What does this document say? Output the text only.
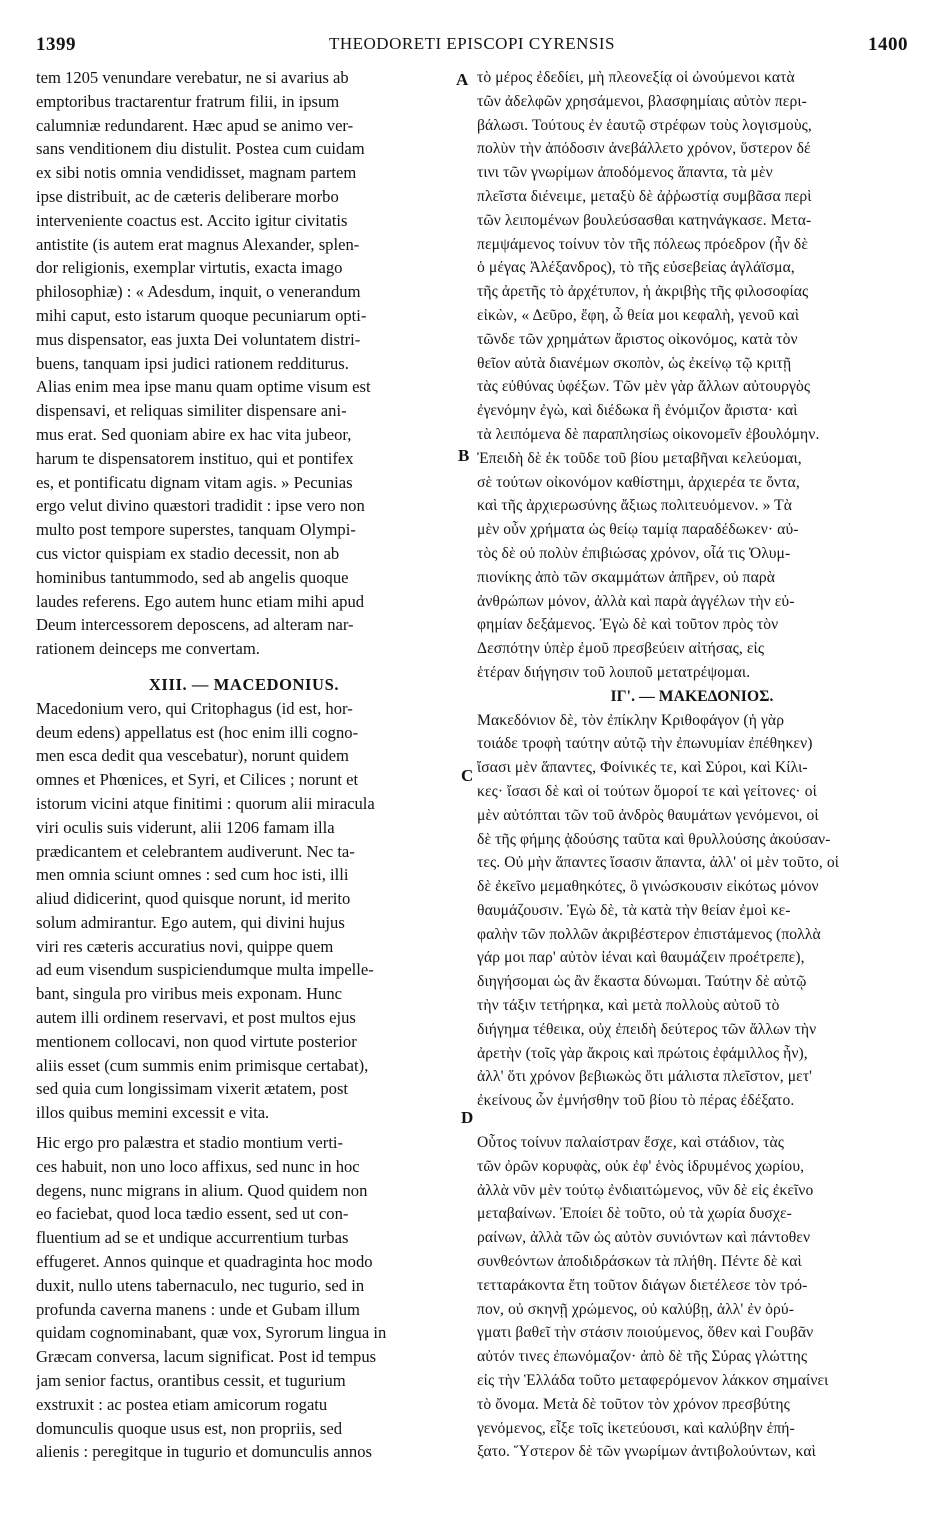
1399	THEODORETI EPISCOPI CYRENSIS	1400
A
B
C
D
tem 1205 venundare verebatur, ne si avarius ab
emptoribus tractarentur fratrum filii, in ipsum
calumniæ redundarent. Hæc apud se animo ver-
sans venditionem diu distulit. Postea cum cuidam
ex sibi notis omnia vendidisset, magnam partem
ipse distribuit, ac de cæteris deliberare morbo
interveniente coactus est. Accito igitur civitatis
antistite (is autem erat magnus Alexander, splen-
dor religionis, exemplar virtutis, exacta imago
philosophiæ) : « Adesdum, inquit, o venerandum
mihi caput, esto istarum quoque pecuniarum opti-
mus dispensator, eas juxta Dei voluntatem distri-
buens, tanquam ipsi judici rationem redditurus.
Alias enim mea ipse manu quam optime visum est
dispensavi, et reliquas similiter dispensare ani-
mus erat. Sed quoniam abire ex hac vita jubeor,
harum te dispensatorem instituo, qui et pontifex
es, et pontificatu dignam vitam agis. » Pecunias
ergo velut divino quæstori tradidit : ipse vero non
multo post tempore superstes, tanquam Olympi-
cus victor quispiam ex stadio decessit, non ab
hominibus tantummodo, sed ab angelis quoque
laudes referens. Ego autem hunc etiam mihi apud
Deum intercessorem deposcens, ad alteram nar-
rationem deinceps me convertam.
XIII. — MACEDONIUS.
Macedonium vero, qui Critophagus (id est, hor-
deum edens) appellatus est (hoc enim illi cogno-
men esca dedit qua vescebatur), norunt quidem
omnes et Phœnices, et Syri, et Cilices ; norunt et
istorum vicini atque finitimi : quorum alii miracula
viri oculis suis viderunt, alii 1206 famam illa
prædicantem et celebrantem audiverunt. Nec ta-
men omnia sciunt omnes : sed cum hoc isti, illi
aliud didicerint, quod quisque norunt, id merito
solum admirantur. Ego autem, qui divini hujus
viri res cæteris accuratius novi, quippe quem
ad eum visendum suspiciendumque multa impelle-
bant, singula pro viribus meis exponam. Hunc
autem illi ordinem reservavi, et post multos ejus
mentionem collocavi, non quod virtute posterior
aliis esset (cum summis enim primisque certabat),
sed quia cum longissimam vixerit ætatem, post
illos quibus memini excessit e vita.
Hic ergo pro palæstra et stadio montium verti-
ces habuit, non uno loco affixus, sed nunc in hoc
degens, nunc migrans in alium. Quod quidem non
eo faciebat, quod loca tædio essent, sed ut con-
fluentium ad se et undique accurrentium turbas
effugeret. Annos quinque et quadraginta hoc modo
duxit, nullo utens tabernaculo, nec tugurio, sed in
profunda caverna manens : unde et Gubam illum
quidam cognominabant, quæ vox, Syrorum lingua in
Græcam conversa, lacum significat. Post id tempus
jam senior factus, orantibus cessit, et tugurium
exstruxit : ac postea etiam amicorum rogatu
domunculis quoque usus est, non propriis, sed
alienis : peregitque in tugurio et domunculis annos
τὸ μέρος ἐδεδίει, μὴ πλεονεξίᾳ οἱ ὠνούμενοι κατὰ
τῶν ἀδελφῶν χρησάμενοι, βλασφημίαις αὐτὸν περι-
βάλωσι. Τούτους ἐν ἑαυτῷ στρέφων τοὺς λογισμοὺς,
πολὺν τὴν ἀπόδοσιν ἀνεβάλλετο χρόνον, ὕστερον δέ
τινι τῶν γνωρίμων ἀποδόμενος ἅπαντα, τὰ μὲν
πλεῖστα διένειμε, μεταξὺ δὲ ἀῤῥωστίᾳ συμβᾶσα περὶ
τῶν λειπομένων βουλεύσασθαι κατηνάγκασε. Μετα-
πεμψάμενος τοίνυν τὸν τῆς πόλεως πρόεδρον (ἦν δὲ
ὁ μέγας Ἀλέξανδρος), τὸ τῆς εὐσεβείας ἀγλάϊσμα,
τῆς ἀρετῆς τὸ ἀρχέτυπον, ἡ ἀκριβὴς τῆς φιλοσοφίας
εἰκὼν, « Δεῦρο, ἔφη, ὦ θεία μοι κεφαλὴ, γενοῦ καὶ
τῶνδε τῶν χρημάτων ἄριστος οἰκονόμος, κατὰ τὸν
θεῖον αὐτὰ διανέμων σκοπὸν, ὡς ἐκείνῳ τῷ κριτῇ
τὰς εὐθύνας ὑφέξων. Τῶν μὲν γὰρ ἄλλων αὐτουργὸς
ἐγενόμην ἐγὼ, καὶ διέδωκα ἣ ἐνόμιζον ἄριστα· καὶ
τὰ λειπόμενα δὲ παραπλησίως οἰκονομεῖν ἐβουλόμην.
Ἐπειδὴ δὲ ἐκ τοῦδε τοῦ βίου μεταβῆναι κελεύομαι,
σὲ τούτων οἰκονόμον καθίστημι, ἀρχιερέα τε ὄντα,
καὶ τῆς ἀρχιερωσύνης ἄξιως πολιτευόμενον. » Τὰ
μὲν οὖν χρήματα ὡς θείῳ ταμίᾳ παραδέδωκεν· αὐ-
τὸς δὲ οὐ πολὺν ἐπιβιώσας χρόνον, οἷά τις Ὀλυμ-
πιονίκης ἀπὸ τῶν σκαμμάτων ἀπῆρεν, οὐ παρὰ
ἀνθρώπων μόνον, ἀλλὰ καὶ παρὰ ἀγγέλων τὴν εὐ-
φημίαν δεξάμενος. Ἐγὼ δὲ καὶ τοῦτον πρὸς τὸν
Δεσπότην ὑπὲρ ἐμοῦ πρεσβεύειν αἰτήσας, εἰς
ἑτέραν διήγησιν τοῦ λοιποῦ μετατρέψομαι.
ΙΓ'. — ΜΑΚΕΔΟΝΙΟΣ.
Μακεδόνιον δὲ, τὸν ἐπίκλην Κριθοφάγον (ἡ γὰρ
τοιάδε τροφὴ ταύτην αὐτῷ τὴν ἐπωνυμίαν ἐπέθηκεν)
ἴσασι μὲν ἅπαντες, Φοίνικές τε, καὶ Σύροι, καὶ Κίλι-
κες· ἴσασι δὲ καὶ οἱ τούτων ὅμοροί τε καὶ γείτονες· οἱ
μὲν αὐτόπται τῶν τοῦ ἀνδρὸς θαυμάτων γενόμενοι, οἱ
δὲ τῆς φήμης ᾀδούσης ταῦτα καὶ θρυλλούσης ἀκούσαν-
τες. Οὐ μὴν ἅπαντες ἴσασιν ἅπαντα, ἀλλ' οἱ μὲν τοῦτο, οἱ
δὲ ἐκεῖνο μεμαθηκότες, ὃ γινώσκουσιν εἰκότως μόνον
θαυμάζουσιν. Ἐγὼ δὲ, τὰ κατὰ τὴν θείαν ἐμοὶ κε-
φαλὴν τῶν πολλῶν ἀκριβέστερον ἐπιστάμενος (πολλὰ
γάρ μοι παρ' αὐτὸν ἰέναι καὶ θαυμάζειν προέτρεπε),
διηγήσομαι ὡς ἂν ἕκαστα δύνωμαι. Ταύτην δὲ αὐτῷ
τὴν τάξιν τετήρηκα, καὶ μετὰ πολλοὺς αὐτοῦ τὸ
διήγημα τέθεικα, οὐχ ἐπειδὴ δεύτερος τῶν ἄλλων τὴν
ἀρετὴν (τοῖς γὰρ ἄκροις καὶ πρώτοις ἐφάμιλλος ἦν),
ἀλλ' ὅτι χρόνον βεβιωκὼς ὅτι μάλιστα πλεῖστον, μετ'
ἐκείνους ὧν ἐμνήσθην τοῦ βίου τὸ πέρας ἐδέξατο.
Οὗτος τοίνυν παλαίστραν ἔσχε, καὶ στάδιον, τὰς
τῶν ὀρῶν κορυφὰς, οὐκ ἐφ' ἑνὸς ἱδρυμένος χωρίου,
ἀλλὰ νῦν μὲν τούτῳ ἐνδιαιτώμενος, νῦν δὲ εἰς ἐκεῖνο
μεταβαίνων. Ἐποίει δὲ τοῦτο, οὐ τὰ χωρία δυσχε-
ραίνων, ἀλλὰ τῶν ὡς αὐτὸν συνιόντων καὶ πάντοθεν
συνθεόντων ἀποδιδράσκων τὰ πλήθη. Πέντε δὲ καὶ
τετταράκοντα ἔτη τοῦτον διάγων διετέλεσε τὸν τρό-
πον, οὐ σκηνῇ χρώμενος, οὐ καλύβῃ, ἀλλ' ἐν ὀρύ-
γματι βαθεῖ τὴν στάσιν ποιούμενος, ὅθεν καὶ Γουβᾶν
αὐτόν τινες ἐπωνόμαζον· ἀπὸ δὲ τῆς Σύρας γλώττης
εἰς τὴν Ἑλλάδα τοῦτο μεταφερόμενον λάκκον σημαίνει
τὸ ὄνομα. Μετὰ δὲ τοῦτον τὸν χρόνον πρεσβύτης
γενόμενος, εἶξε τοῖς ἱκετεύουσι, καὶ καλύβην ἐπή-
ξατο. Ὕστερον δὲ τῶν γνωρίμων ἀντιβολούντων, καὶ
